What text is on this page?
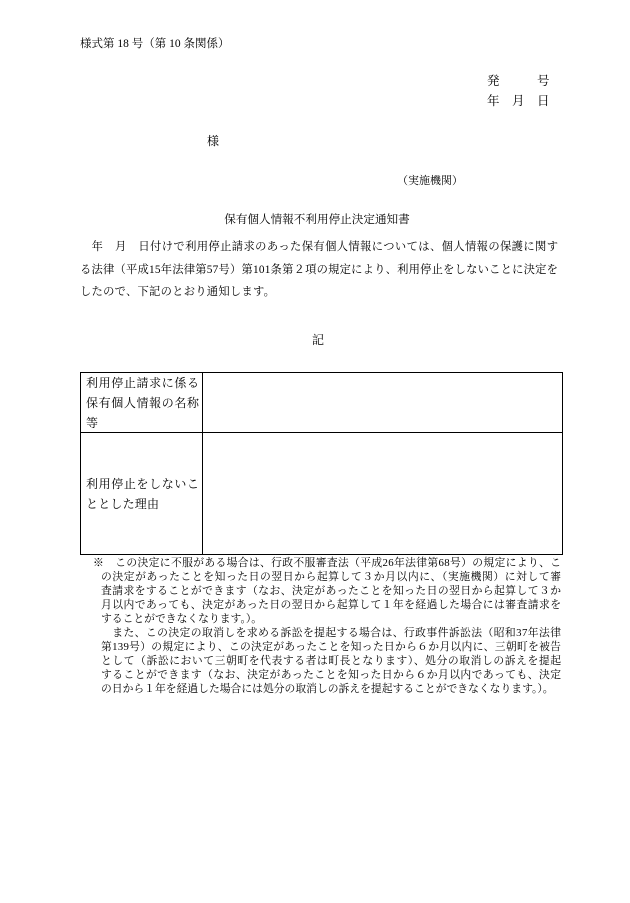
様式第 18 号（第 10 条関係）
発　　　号
年　月　日
様
（実施機関）
保有個人情報不利用停止決定通知書
　年　月　日付けで利用停止請求のあった保有個人情報については、個人情報の保護に関す
る法律（平成15年法律第57号）第101条第２項の規定により、利用停止をしないことに決定を
したので、下記のとおり通知します。
記
利用停止請求に係る
保有個人情報の名称
等
利用停止をしないこ
ととした理由
※　この決定に不服がある場合は、行政不服審査法（平成26年法律第68号）の規定により、こ
の決定があったことを知った日の翌日から起算して３か月以内に、（実施機関）に対して審
査請求をすることができます（なお、決定があったことを知った日の翌日から起算して３か
月以内であっても、決定があった日の翌日から起算して１年を経過した場合には審査請求を
することができなくなります。）。
　また、この決定の取消しを求める訴訟を提起する場合は、行政事件訴訟法（昭和37年法律
第139号）の規定により、この決定があったことを知った日から６か月以内に、三朝町を被告
として（訴訟において三朝町を代表する者は町長となります）、処分の取消しの訴えを提起
することができます（なお、決定があったことを知った日から６か月以内であっても、決定
の日から１年を経過した場合には処分の取消しの訴えを提起することができなくなります。）。
